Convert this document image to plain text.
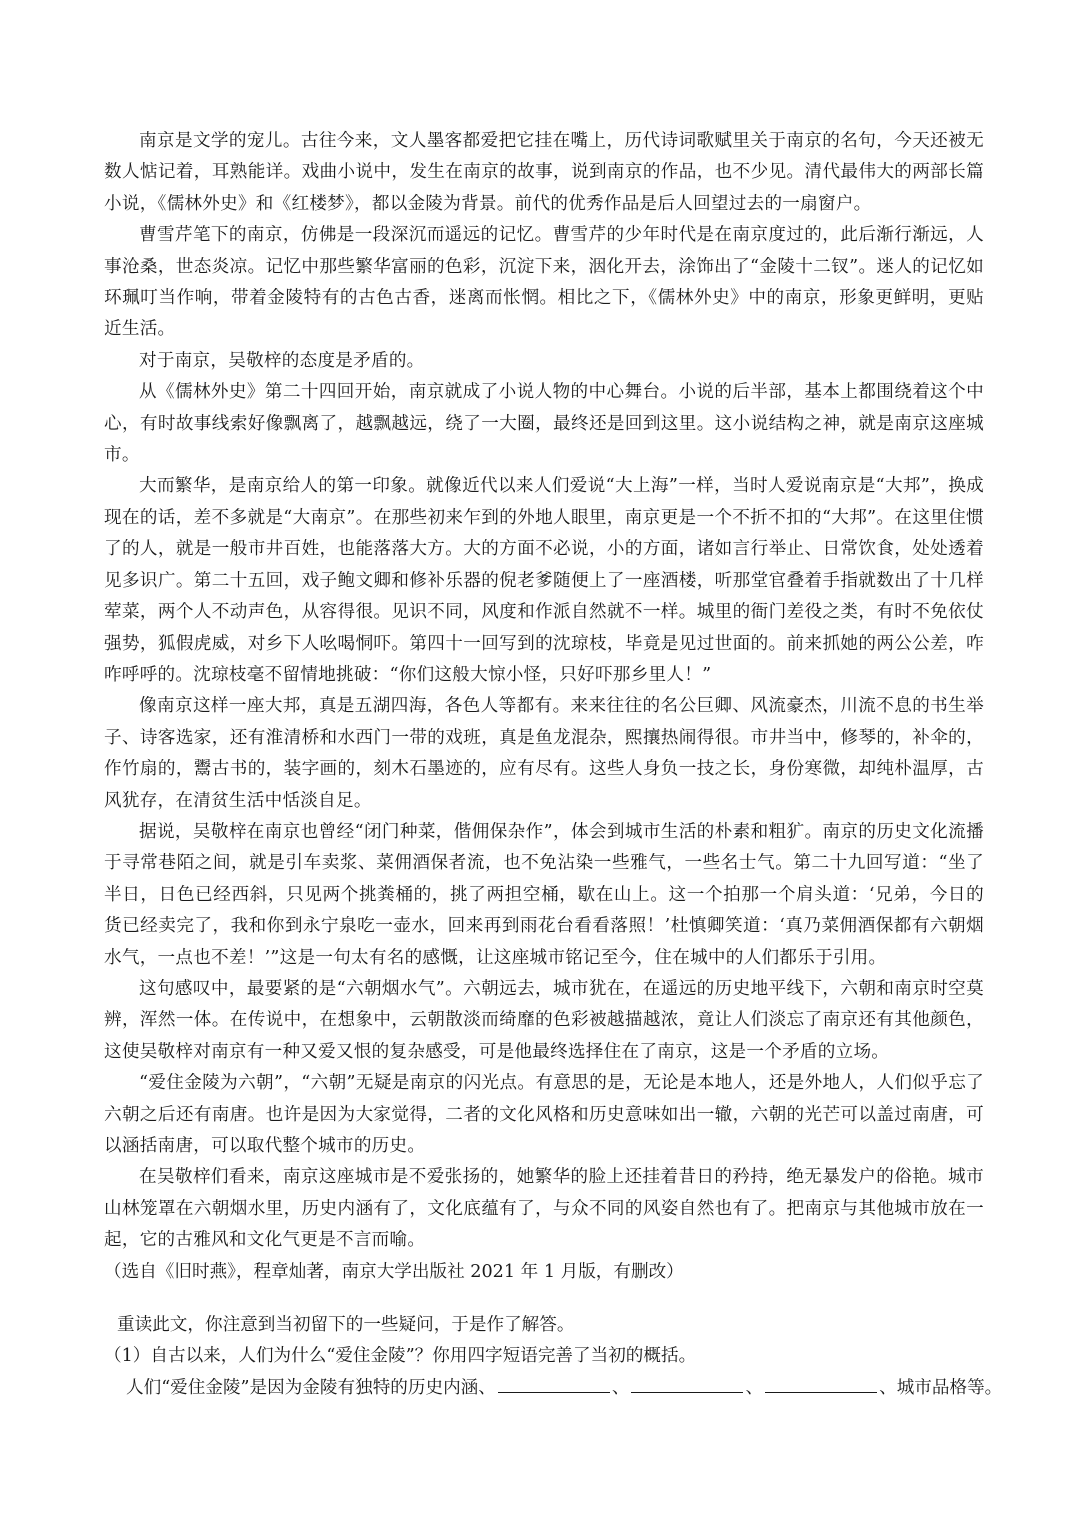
南京是文学的宠儿。古往今来，文人墨客都爱把它挂在嘴上，历代诗词歌赋里关于南京的名句，今天还被无数人惦记着，耳熟能详。戏曲小说中，发生在南京的故事，说到南京的作品，也不少见。清代最伟大的两部长篇小说，《儒林外史》和《红楼梦》，都以金陵为背景。前代的优秀作品是后人回望过去的一扇窗户。

曹雪芹笔下的南京，仿佛是一段深沉而遥远的记忆。曹雪芹的少年时代是在南京度过的，此后渐行渐远，人事沧桑，世态炎凉。记忆中那些繁华富丽的色彩，沉淀下来，洇化开去，涂饰出了“金陵十二钗”。迷人的记忆如环珮叮当作响，带着金陵特有的古色古香，迷离而怅惘。相比之下，《儒林外史》中的南京，形象更鲜明，更贴近生活。

对于南京，吴敬梓的态度是矛盾的。

从《儒林外史》第二十四回开始，南京就成了小说人物的中心舞台。小说的后半部，基本上都围绕着这个中心，有时故事线索好像飘离了，越飘越远，绕了一大圈，最终还是回到这里。这小说结构之神，就是南京这座城市。

大而繁华，是南京给人的第一印象。就像近代以来人们爱说“大上海”一样，当时人爱说南京是“大邦”，换成现在的话，差不多就是“大南京”。在那些初来乍到的外地人眼里，南京更是一个不折不扣的“大邦”。在这里住惯了的人，就是一般市井百姓，也能落落大方。大的方面不必说，小的方面，诸如言行举止、日常饮食，处处透着见多识广。第二十五回，戏子鲍文卿和修补乐器的倪老爹随便上了一座酒楼，听那堂官叠着手指就数出了十几样荤菜，两个人不动声色，从容得很。见识不同，风度和作派自然就不一样。城里的衙门差役之类，有时不免依仗强势，狐假虎威，对乡下人吆喝恫吓。第四十一回写到的沈琼枝，毕竟是见过世面的。前来抓她的两公公差，咋咋呼呼的。沈琼枝毫不留情地挑破：“你们这般大惊小怪，只好吓那乡里人！”

像南京这样一座大邦，真是五湖四海，各色人等都有。来来往往的名公巨卿、风流豪杰，川流不息的书生举子、诗客选家，还有淮清桥和水西门一带的戏班，真是鱼龙混杂，熙攘热闹得很。市井当中，修琴的，补伞的，作竹扇的，鬻古书的，装字画的，刻木石墨迹的，应有尽有。这些人身负一技之长，身份寒微，却纯朴温厚，古风犹存，在清贫生活中恬淡自足。

据说，吴敬梓在南京也曾经“闭门种菜，偕佣保杂作”，体会到城市生活的朴素和粗犷。南京的历史文化流播于寻常巷陌之间，就是引车卖浆、菜佣酒保者流，也不免沾染一些雅气，一些名士气。第二十九回写道：“坐了半日，日色已经西斜，只见两个挑粪桶的，挑了两担空桶，歇在山上。这一个拍那一个肩头道：‘兄弟，今日的货已经卖完了，我和你到永宁泉吃一壶水，回来再到雨花台看看落照！’杜慎卿笑道：‘真乃菜佣酒保都有六朝烟水气，一点也不差！’”这是一句太有名的感慨，让这座城市铭记至今，住在城中的人们都乐于引用。

这句感叹中，最要紧的是“六朝烟水气”。六朝远去，城市犹在，在遥远的历史地平线下，六朝和南京时空莫辨，浑然一体。在传说中，在想象中，云朝散淡而绮靡的色彩被越描越浓，竟让人们淡忘了南京还有其他颜色，这使吴敬梓对南京有一种又爱又恨的复杂感受，可是他最终选择住在了南京，这是一个矛盾的立场。

“爱住金陵为六朝”，“六朝”无疑是南京的闪光点。有意思的是，无论是本地人，还是外地人，人们似乎忘了六朝之后还有南唐。也许是因为大家觉得，二者的文化风格和历史意味如出一辙，六朝的光芒可以盖过南唐，可以涵括南唐，可以取代整个城市的历史。

在吴敬梓们看来，南京这座城市是不爱张扬的，她繁华的脸上还挂着昔日的矜持，绝无暴发户的俗艳。城市山林笼罩在六朝烟水里，历史内涵有了，文化底蕴有了，与众不同的风姿自然也有了。把南京与其他城市放在一起，它的古雅风和文化气更是不言而喻。

（选自《旧时燕》，程章灿著，南京大学出版社 2021 年 1 月版，有删改）

重读此文，你注意到当初留下的一些疑问，于是作了解答。

（1）自古以来，人们为什么“爱住金陵”？你用四字短语完善了当初的概括。

人们“爱住金陵”是因为金陵有独特的历史内涵、	、	、	、城市品格等。
